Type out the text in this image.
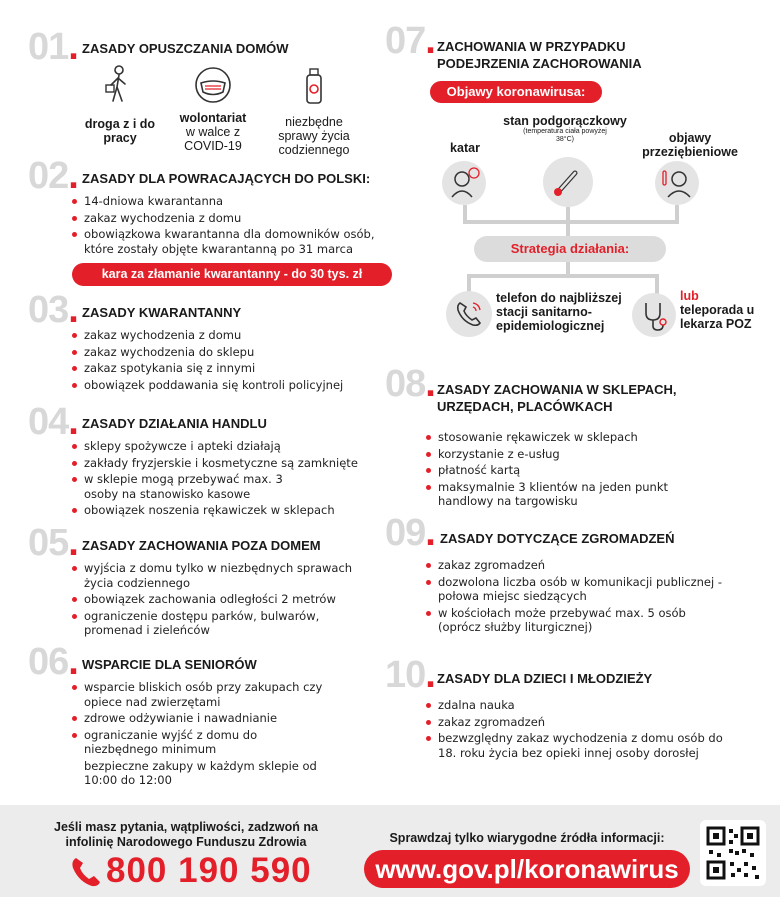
01. ZASADY OPUSZCZANIA DOMÓW
droga z i do pracy
wolontariat
w walce z COVID-19
niezbędne sprawy życia codziennego
02. ZASADY DLA POWRACAJĄCYCH DO POLSKI:
14-dniowa kwarantanna
zakaz wychodzenia z domu
obowiązkowa kwarantanna dla domowników osób, które zostały objęte kwarantanną po 31 marca
kara za złamanie kwarantanny - do 30 tys. zł
03. ZASADY KWARANTANNY
zakaz wychodzenia z domu
zakaz wychodzenia do sklepu
zakaz spotykania się z innymi
obowiązek poddawania się kontroli policyjnej
04. ZASADY DZIAŁANIA HANDLU
sklepy spożywcze i apteki działają
zakłady fryzjerskie i kosmetyczne są zamknięte
w sklepie mogą przebywać max. 3 osoby na stanowisko kasowe
obowiązek noszenia rękawiczek w sklepach
05. ZASADY ZACHOWANIA POZA DOMEM
wyjścia z domu tylko w niezbędnych sprawach życia codziennego
obowiązek zachowania odległości 2 metrów
ograniczenie dostępu parków, bulwarów, promenad i zieleńców
06. WSPARCIE DLA SENIORÓW
wsparcie bliskich osób przy zakupach czy opiece nad zwierzętami
zdrowe odżywianie i nawadnianie
ograniczanie wyjść z domu do niezbędnego minimum
bezpieczne zakupy w każdym sklepie od 10:00 do 12:00
07. ZACHOWANIA W PRZYPADKU PODEJRZENIA ZACHOROWANIA
Objawy koronawirusa:
katar
stan podgorączkowy
(temperatura ciała powyżej 38°C)	objawy przeziębieniowe
Strategia działania:
telefon do najbliższej stacji sanitarno-epidemiologicznej
lub
teleporada u lekarza POZ
08. ZASADY ZACHOWANIA W SKLEPACH, URZĘDACH, PLACÓWKACH
stosowanie rękawiczek w sklepach
korzystanie z e-usług
płatność kartą
maksymalnie 3 klientów na jeden punkt handlowy na targowisku
09. ZASADY DOTYCZĄCE ZGROMADZEŃ
zakaz zgromadzeń
dozwolona liczba osób w komunikacji publicznej - połowa miejsc siedzących
w kościołach może przebywać max. 5 osób (oprócz służby liturgicznej)
10. ZASADY DLA DZIECI I MŁODZIEŻY
zdalna nauka
zakaz zgromadzeń
bezwzględny zakaz wychodzenia z domu osób do 18. roku życia bez opieki innej osoby dorosłej
Jeśli masz pytania, wątpliwości, zadzwoń na infolinię Narodowego Funduszu Zdrowia
800 190 590
Sprawdzaj tylko wiarygodne źródła informacji:
www.gov.pl/koronawirus
